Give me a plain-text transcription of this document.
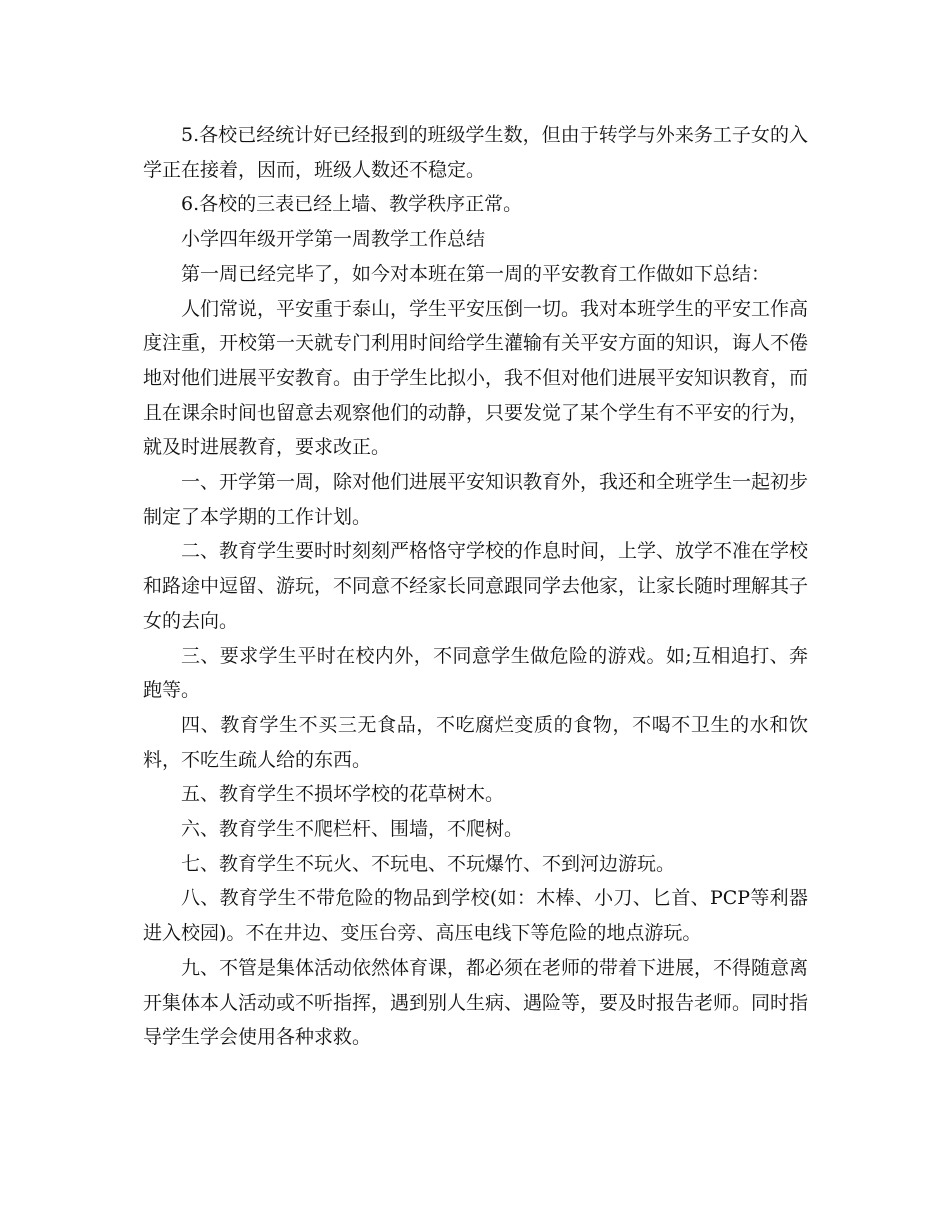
5.各校已经统计好已经报到的班级学生数，但由于转学与外来务工子女的入学正在接着，因而，班级人数还不稳定。

6.各校的三表已经上墙、教学秩序正常。

小学四年级开学第一周教学工作总结

第一周已经完毕了，如今对本班在第一周的平安教育工作做如下总结：

人们常说，平安重于泰山，学生平安压倒一切。我对本班学生的平安工作高度注重，开校第一天就专门利用时间给学生灌输有关平安方面的知识，诲人不倦地对他们进展平安教育。由于学生比拟小，我不但对他们进展平安知识教育，而且在课余时间也留意去观察他们的动静，只要发觉了某个学生有不平安的行为，就及时进展教育，要求改正。

一、开学第一周，除对他们进展平安知识教育外，我还和全班学生一起初步制定了本学期的工作计划。

二、教育学生要时时刻刻严格恪守学校的作息时间，上学、放学不准在学校和路途中逗留、游玩，不同意不经家长同意跟同学去他家，让家长随时理解其子女的去向。

三、要求学生平时在校内外，不同意学生做危险的游戏。如;互相追打、奔跑等。

四、教育学生不买三无食品，不吃腐烂变质的食物，不喝不卫生的水和饮料，不吃生疏人给的东西。

五、教育学生不损坏学校的花草树木。

六、教育学生不爬栏杆、围墙，不爬树。

七、教育学生不玩火、不玩电、不玩爆竹、不到河边游玩。

八、教育学生不带危险的物品到学校(如：木棒、小刀、匕首、PCP等利器进入校园)。不在井边、变压台旁、高压电线下等危险的地点游玩。

九、不管是集体活动依然体育课，都必须在老师的带着下进展，不得随意离开集体本人活动或不听指挥，遇到别人生病、遇险等，要及时报告老师。同时指导学生学会使用各种求救。
